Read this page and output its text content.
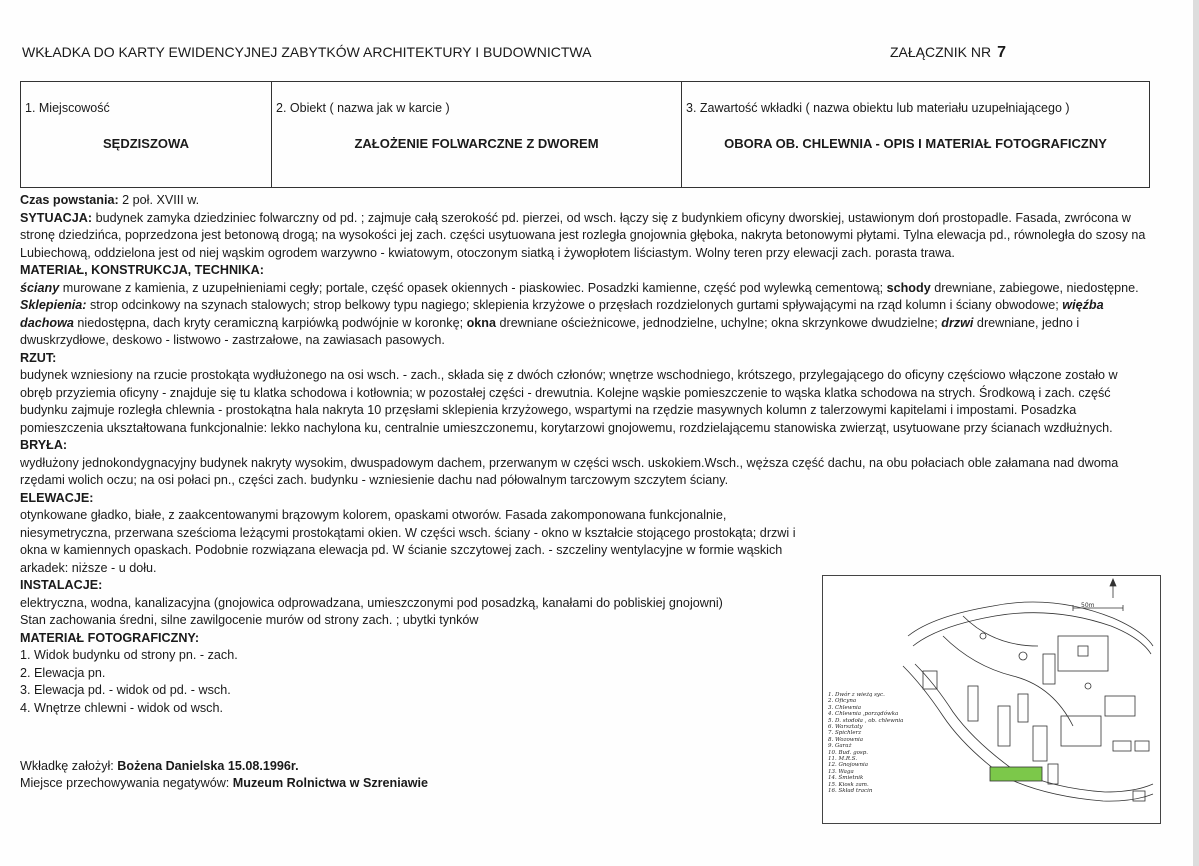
WKŁADKA DO KARTY EWIDENCYJNEJ ZABYTKÓW ARCHITEKTURY I BUDOWNICTWA	ZAŁĄCZNIK NR 7
1. Miejscowość
SĘDZISZOWA
2. Obiekt ( nazwa jak w karcie )
ZAŁOŻENIE FOLWARCZNE Z DWOREM
3. Zawartość wkładki ( nazwa obiektu lub materiału uzupełniającego )
OBORA OB. CHLEWNIA - OPIS I MATERIAŁ FOTOGRAFICZNY

Czas powstania: 2 poł. XVIII w.

SYTUACJA: budynek zamyka dziedziniec folwarczny od pd. ; zajmuje całą szerokość pd. pierzei, od wsch. łączy się z budynkiem oficyny dworskiej, ustawionym doń prostopadle. Fasada, zwrócona w stronę dziedzińca, poprzedzona jest betonową drogą; na wysokości jej zach. części usytuowana jest rozległa gnojownia głęboka, nakryta betonowymi płytami. Tylna elewacja pd., równoległa do szosy na Lubiechową, oddzielona jest od niej wąskim ogrodem warzywno - kwiatowym, otoczonym siatką i żywopłotem liściastym. Wolny teren przy elewacji zach. porasta trawa.

MATERIAŁ, KONSTRUKCJA, TECHNIKA:

ściany murowane z kamienia, z uzupełnieniami cegły; portale, część opasek okiennych - piaskowiec. Posadzki kamienne, część pod wylewką cementową; schody drewniane, zabiegowe, niedostępne. Sklepienia: strop odcinkowy na szynach stalowych; strop belkowy typu nagiego; sklepienia krzyżowe o przęsłach rozdzielonych gurtami spływającymi na rząd kolumn i ściany obwodowe; więźba dachowa niedostępna, dach kryty ceramiczną karpiówką podwójnie w koronkę; okna drewniane ościeżnicowe, jednodzielne, uchylne; okna skrzynkowe dwudzielne; drzwi drewniane, jedno i dwuskrzydłowe, deskowo - listwowo - zastrzałowe, na zawiasach pasowych.

RZUT:

budynek wzniesiony na rzucie prostokąta wydłużonego na osi wsch. - zach., składa się z dwóch członów; wnętrze wschodniego, krótszego, przylegającego do oficyny częściowo włączone zostało w obręb przyziemia oficyny - znajduje się tu klatka schodowa i kotłownia; w pozostałej części - drewutnia. Kolejne wąskie pomieszczenie to wąska klatka schodowa na strych. Środkową i zach. część budynku zajmuje rozległa chlewnia - prostokątna hala nakryta 10 przęsłami sklepienia krzyżowego, wspartymi na rzędzie masywnych kolumn z talerzowymi kapitelami i impostami. Posadzka pomieszczenia ukształtowana funkcjonalnie: lekko nachylona ku, centralnie umieszczonemu, korytarzowi gnojowemu, rozdzielającemu stanowiska zwierząt, usytuowane przy ścianach wzdłużnych.

BRYŁA:

wydłużony jednokondygnacyjny budynek nakryty wysokim, dwuspadowym dachem, przerwanym w części wsch. uskokiem.Wsch., węższa część dachu, na obu połaciach oble załamana nad dwoma rzędami wolich oczu; na osi połaci pn., części zach. budynku - wzniesienie dachu nad półowalnym tarczowym szczytem ściany.

ELEWACJE:

otynkowane gładko, białe, z zaakcentowanymi brązowym kolorem, opaskami otworów. Fasada zakomponowana funkcjonalnie, niesymetryczna, przerwana sześcioma leżącymi prostokątami okien. W części wsch. ściany - okno w kształcie stojącego prostokąta; drzwi i okna w kamiennych opaskach. Podobnie rozwiązana elewacja pd. W ścianie szczytowej zach. - szczeliny wentylacyjne w formie wąskich arkadek: niższe - u dołu.

INSTALACJE:

elektryczna, wodna, kanalizacyjna (gnojowica odprowadzana, umieszczonymi pod posadzką, kanałami do pobliskiej gnojowni)

Stan zachowania średni, silne zawilgocenie murów od strony zach. ; ubytki tynków

MATERIAŁ FOTOGRAFICZNY:

1. Widok budynku od strony pn. - zach.
2. Elewacja pn.
3. Elewacja pd. - widok od pd. - wsch.
4. Wnętrze chlewni - widok od wsch.
50m
1. Dwór z wieżą syc.
2. Oficyna
3. Chlewnia
4. Chlewnia ,porządówka
5. D. stodoła , ob. chlewnia
6. Warsztaty
7. Spichlerz
8. Wozownia
9. Garaż
10. Bud. gosp.
11. M.R.S.
12. Gnojownia
13. Waga
14. Śmietnik
15. Kiosk zam.
16. Skład tracin
Wkładkę założył: Bożena Danielska 15.08.1996r.
Miejsce przechowywania negatywów: Muzeum Rolnictwa w Szreniawie
